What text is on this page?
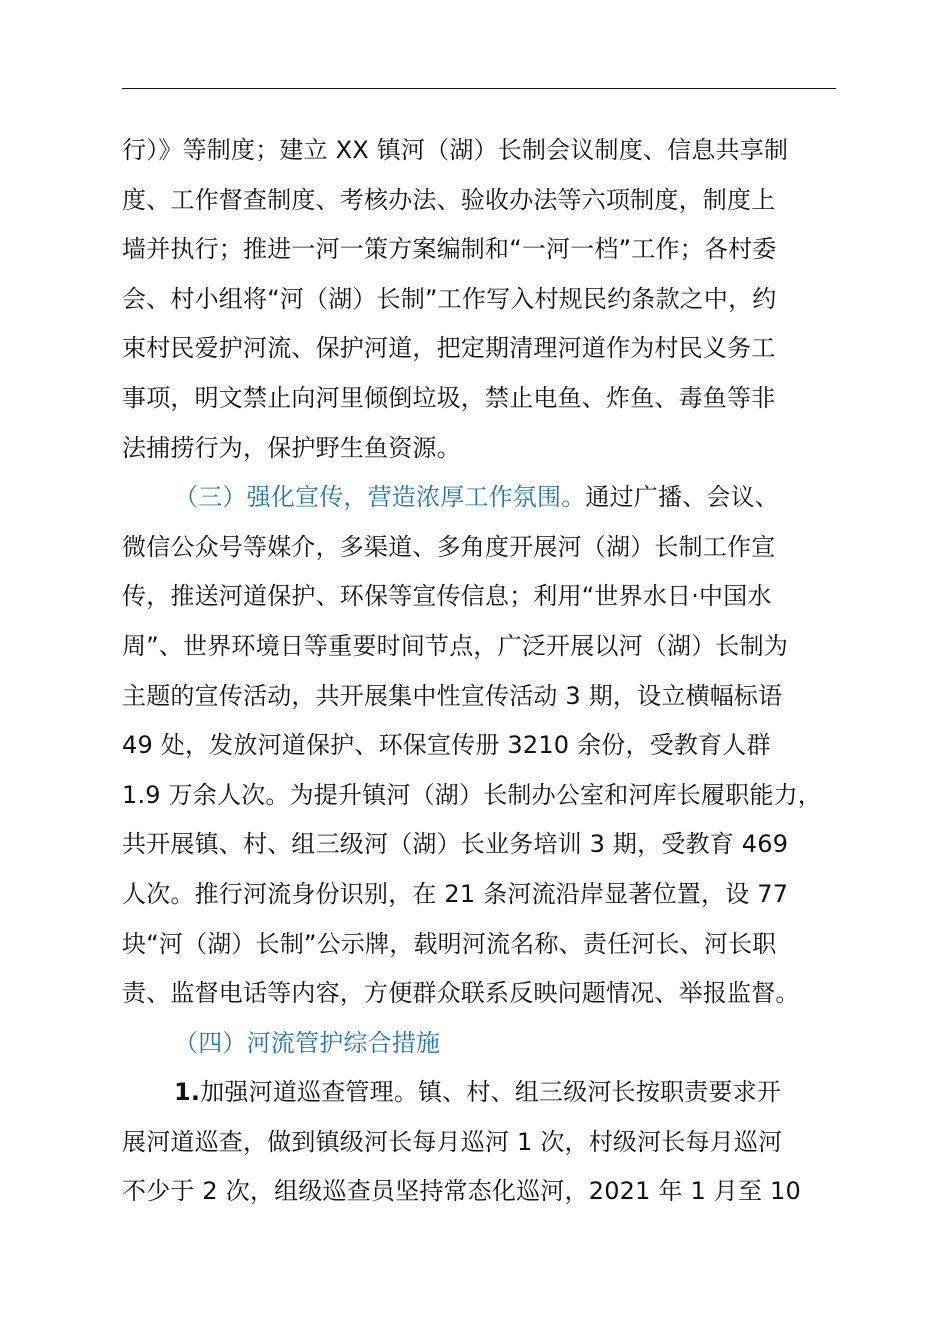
行）》等制度；建立 XX 镇河（湖）长制会议制度、信息共享制
度、工作督查制度、考核办法、验收办法等六项制度，制度上
墙并执行；推进一河一策方案编制和“一河一档”工作；各村委
会、村小组将“河（湖）长制”工作写入村规民约条款之中，约
束村民爱护河流、保护河道，把定期清理河道作为村民义务工
事项，明文禁止向河里倾倒垃圾，禁止电鱼、炸鱼、毒鱼等非
法捕捞行为，保护野生鱼资源。
（三）强化宣传，营造浓厚工作氛围。通过广播、会议、
微信公众号等媒介，多渠道、多角度开展河（湖）长制工作宣
传，推送河道保护、环保等宣传信息；利用“世界水日·中国水
周”、世界环境日等重要时间节点，广泛开展以河（湖）长制为
主题的宣传活动，共开展集中性宣传活动 3 期，设立横幅标语
49 处，发放河道保护、环保宣传册 3210 余份，受教育人群
1.9 万余人次。为提升镇河（湖）长制办公室和河库长履职能力，
共开展镇、村、组三级河（湖）长业务培训 3 期，受教育 469
人次。推行河流身份识别，在 21 条河流沿岸显著位置，设 77
块“河（湖）长制”公示牌，载明河流名称、责任河长、河长职
责、监督电话等内容，方便群众联系反映问题情况、举报监督。
（四）河流管护综合措施
1.加强河道巡查管理。镇、村、组三级河长按职责要求开
展河道巡查，做到镇级河长每月巡河 1 次，村级河长每月巡河
不少于 2 次，组级巡查员坚持常态化巡河，2021 年 1 月至 10
